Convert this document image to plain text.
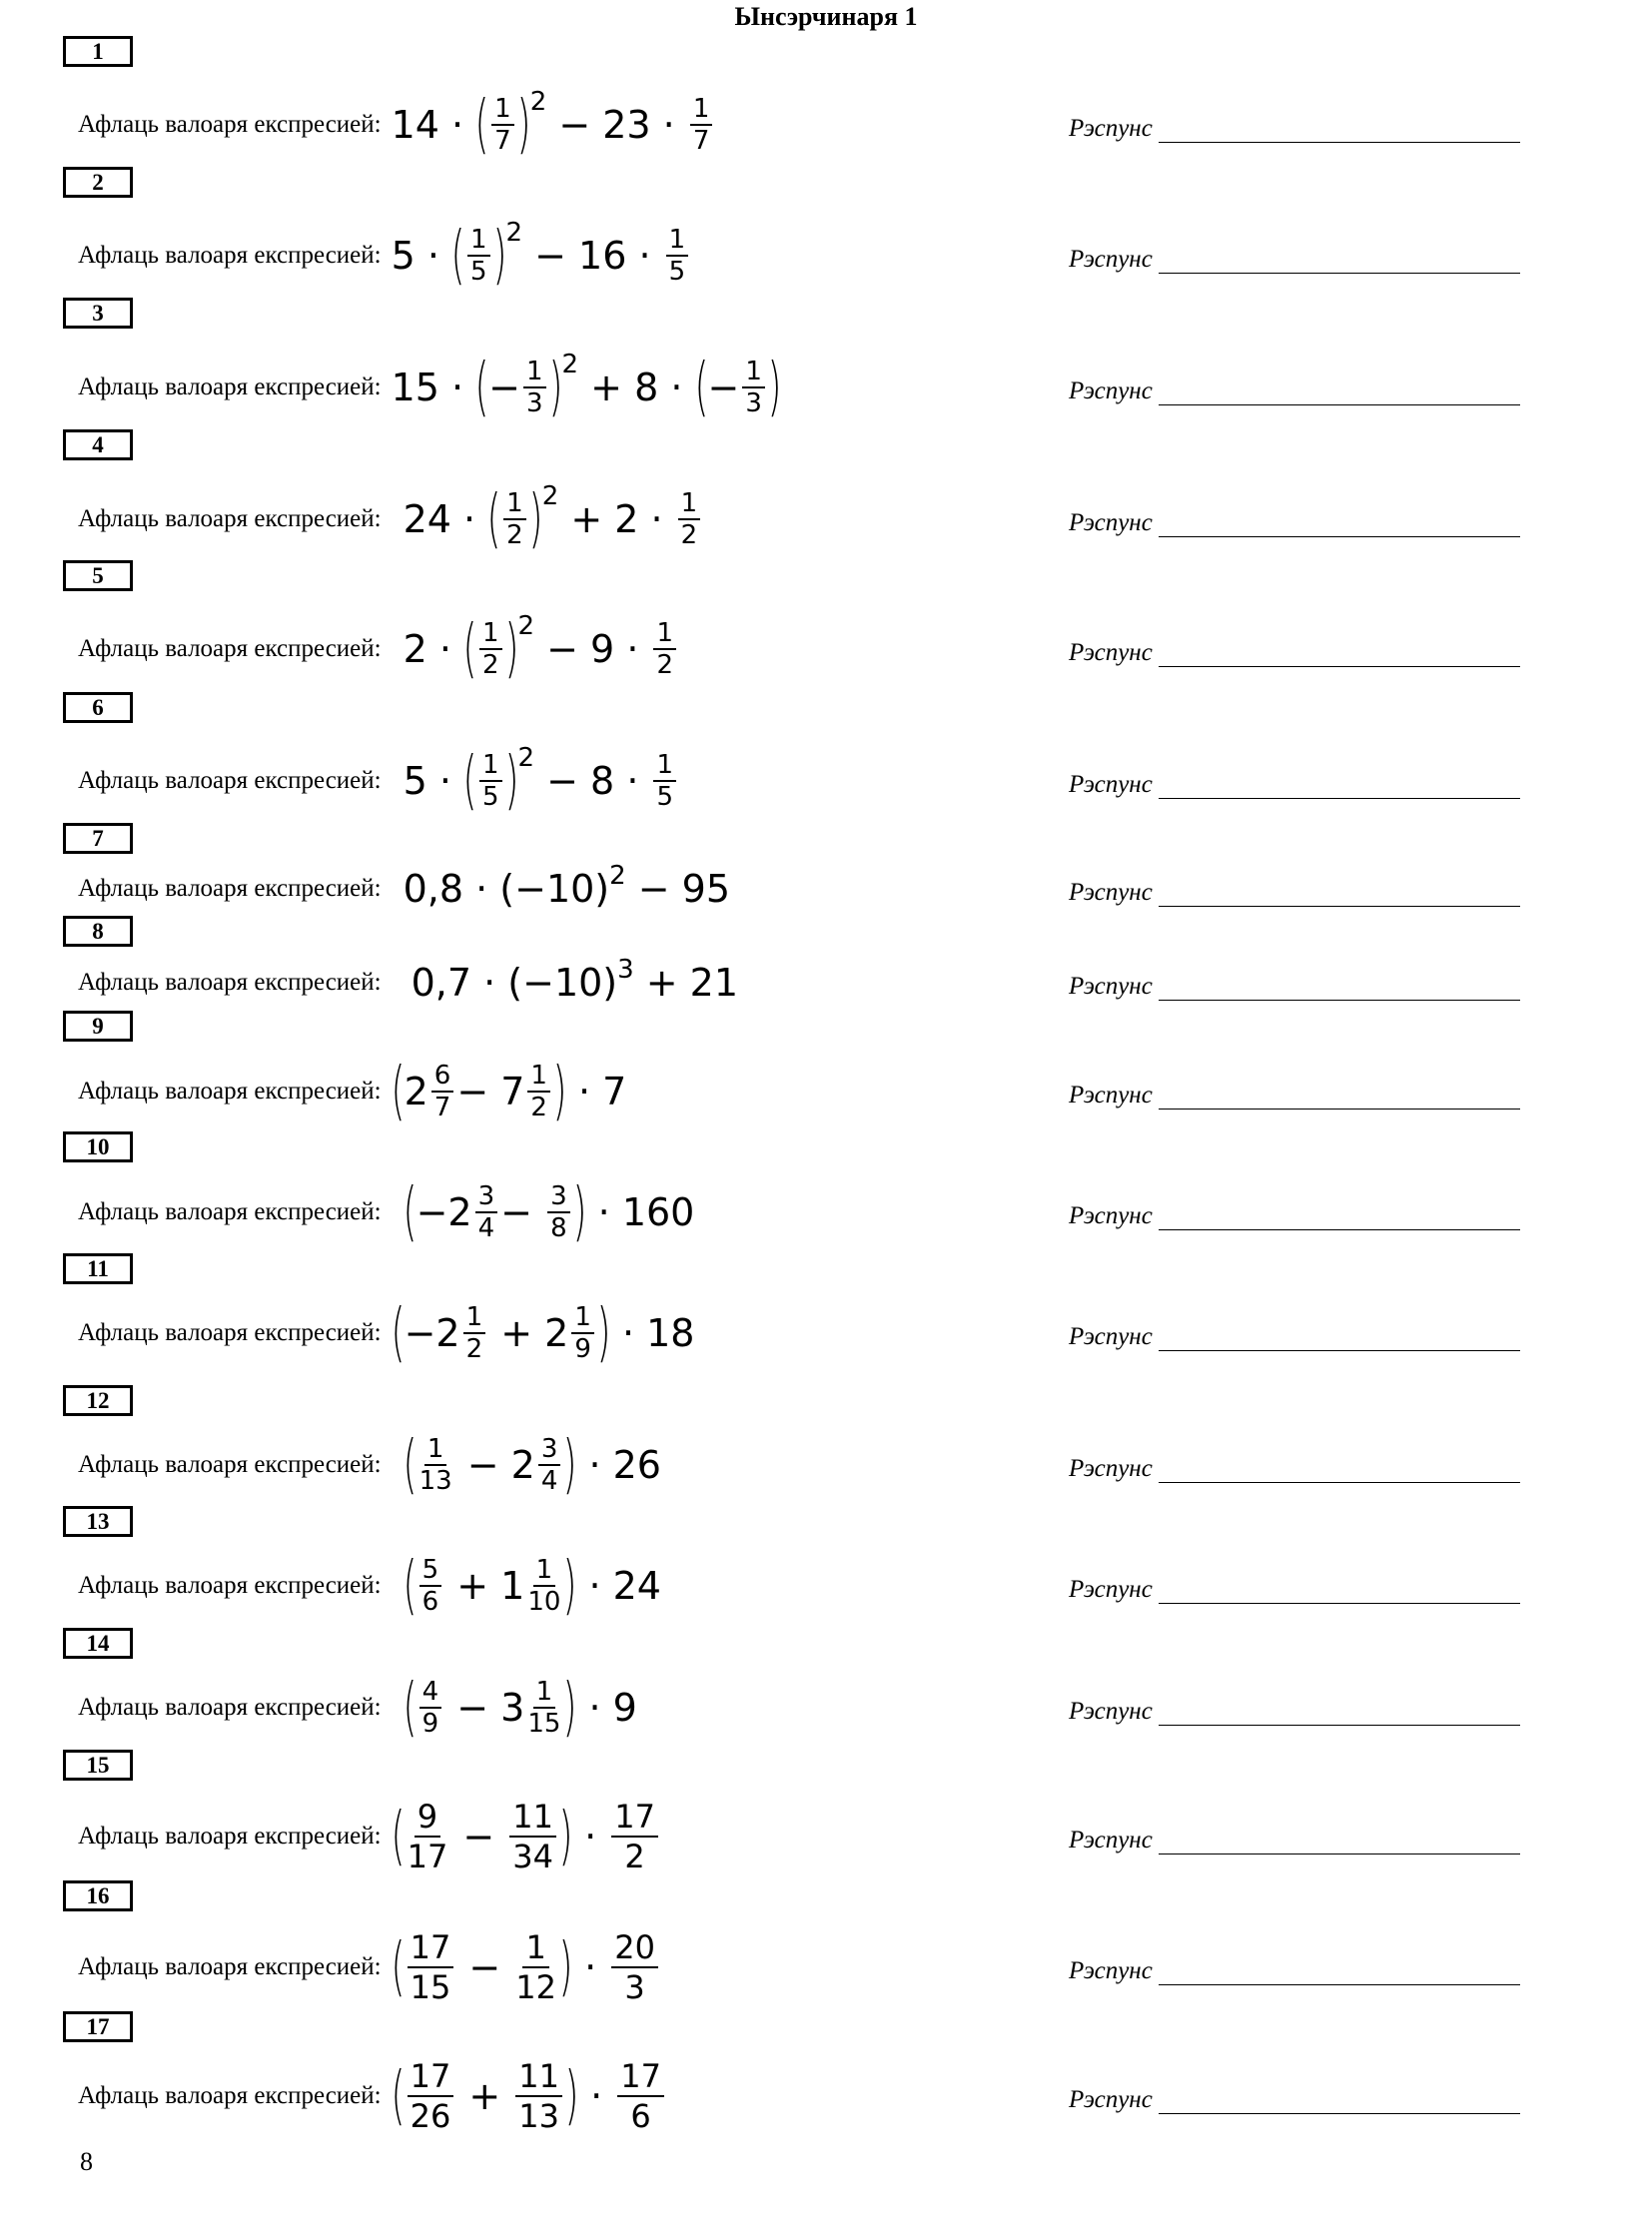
Ынсэрчинаря 1
1
Афлаць валоаря експресией: 14 · ( $\frac{1}{7}$ ) 2
− $23 \cdot \frac{1}{7}$	Рэспунс
2
Афлаць валоаря експресией: 5 · ( $\frac{1}{5}$ ) 2
− $16 \cdot \frac{1}{5}$	Рэспунс
3
Афлаць валоаря експресией: 15 · ( − $\frac{1}{3}$ ) 2
+ 8 · ( − $\frac{1}{3}$ )	Рэспунс
4
Афлаць валоаря експресией: 24 · ( $\frac{1}{2}$ ) 2
+ $2 \cdot \frac{1}{2}$	Рэспунс
5
Афлаць валоаря експресией: 2 · ( $\frac{1}{2}$ ) 2
− $9 \cdot \frac{1}{2}$	Рэспунс
6
Афлаць валоаря експресией: 5 · ( $\frac{1}{5}$ ) 2
− $8 \cdot \frac{1}{5}$	Рэспунс
7
Афлаць валоаря експресией: 0,8 · (−10) 2 − 95	Рэспунс
8
Афлаць валоаря експресией: 0,7 · (−10) 3 + 21	Рэспунс
9
Афлаць валоаря експресией: ( $2 \frac{6}{7} - 7 \frac{1}{2}$ ) · 7	Рэспунс
10
Афлаць валоаря експресией: ( $-2 \frac{3}{4} - \frac{3}{8}$ ) · 160	Рэспунс
11
Афлаць валоаря експресией: ( $-2 \frac{1}{2} + 2 \frac{1}{9}$ ) · 18	Рэспунс
12
Афлаць валоаря експресией: ( $\frac{1}{13} - 2 \frac{3}{4}$ ) · 26	Рэспунс
13
Афлаць валоаря експресией: ( $\frac{5}{6} + 1 \frac{1}{10}$ ) · 24	Рэспунс
14
Афлаць валоаря експресией: ( $\frac{4}{9} - 3 \frac{1}{15}$ ) · 9	Рэспунс
15
Афлаць валоаря експресией: ( $\frac{9}{17} - \frac{11}{34}$ ) · $\frac{17}{2}$	Рэспунс
16
Афлаць валоаря експресией: ( $\frac{17}{15} - \frac{1}{12}$ ) · $\frac{20}{3}$	Рэспунс
17
Афлаць валоаря експресией: ( $\frac{17}{26} + \frac{11}{13}$ ) · $\frac{17}{6}$	Рэспунс
8
